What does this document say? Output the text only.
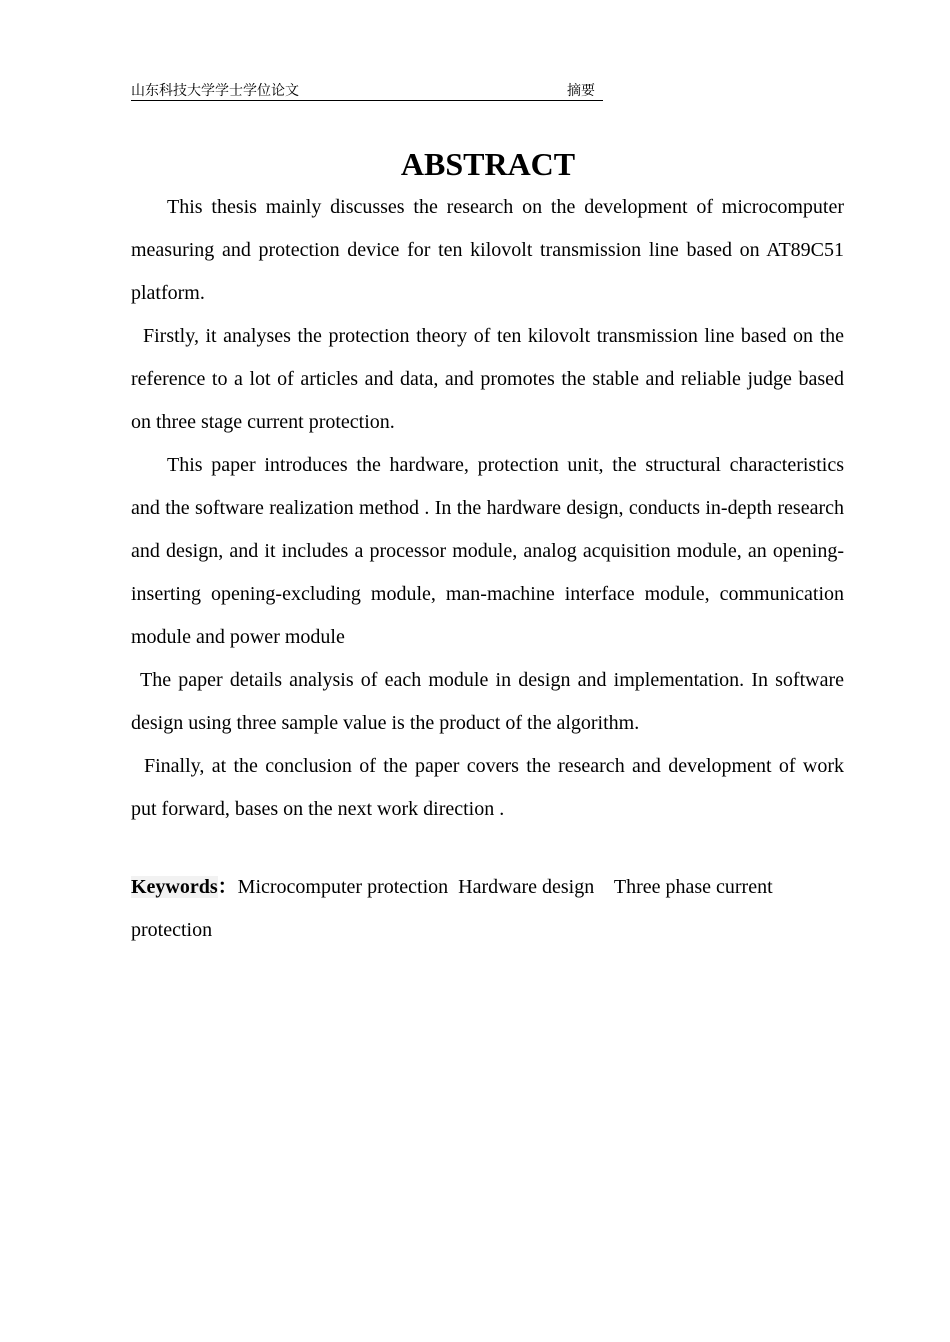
山东科技大学学士学位论文	摘要
ABSTRACT

This thesis mainly discusses the research on the development of microcomputer measuring and protection device for ten kilovolt transmission line based on AT89C51 platform.

Firstly, it analyses the protection theory of ten kilovolt transmission line based on the reference to a lot of articles and data, and promotes the stable and reliable judge based on three stage current protection.

This paper introduces the hardware, protection unit, the structural characteristics and the software realization method . In the hardware design, conducts in-depth research and design, and it includes a processor module, analog acquisition module, an opening-inserting opening-excluding module, man-machine interface module, communication module and power module

The paper details analysis of each module in design and implementation. In software design using three sample value is the product of the algorithm.

Finally, at the conclusion of the paper covers the research and development of work put forward, bases on the next work direction .

Keywords：Microcomputer protection  Hardware design    Three phase current protection
